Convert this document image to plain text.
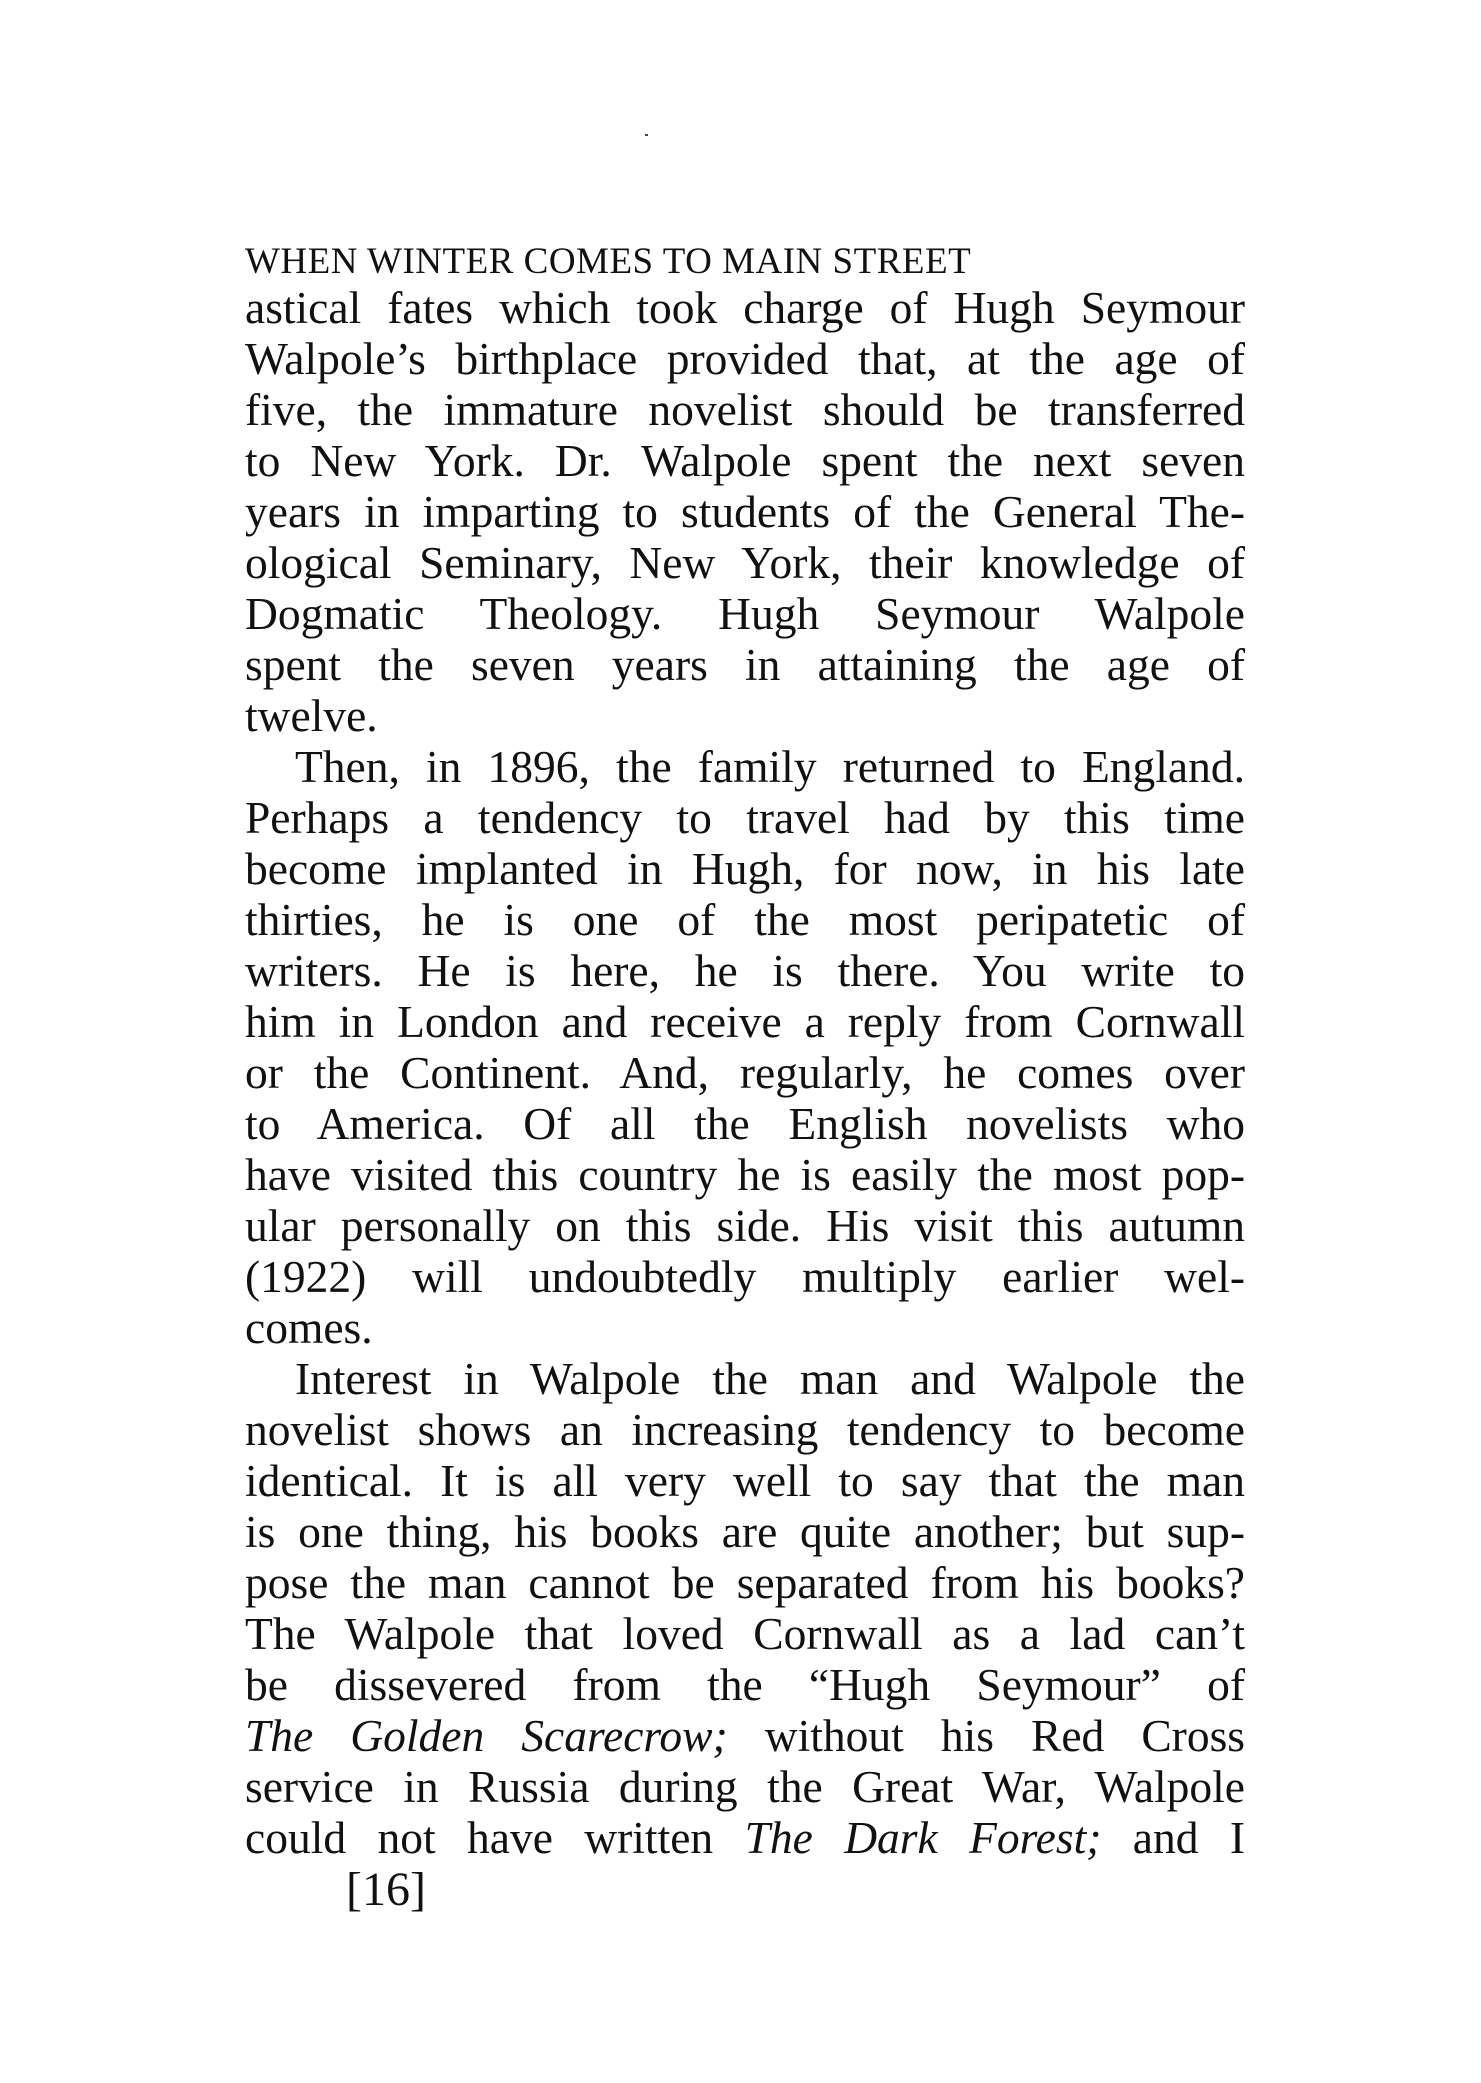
WHEN WINTER COMES TO MAIN STREET
astical fates which took charge of Hugh Seymour
Walpole’s birthplace provided that, at the age of
five, the immature novelist should be transferred
to New York. Dr. Walpole spent the next seven
years in imparting to students of the General The-
ological Seminary, New York, their knowledge of
Dogmatic Theology. Hugh Seymour Walpole
spent the seven years in attaining the age of
twelve.
Then, in 1896, the family returned to England.
Perhaps a tendency to travel had by this time
become implanted in Hugh, for now, in his late
thirties, he is one of the most peripatetic of
writers. He is here, he is there. You write to
him in London and receive a reply from Cornwall
or the Continent. And, regularly, he comes over
to America. Of all the English novelists who
have visited this country he is easily the most pop-
ular personally on this side. His visit this autumn
(1922) will undoubtedly multiply earlier wel-
comes.
Interest in Walpole the man and Walpole the
novelist shows an increasing tendency to become
identical. It is all very well to say that the man
is one thing, his books are quite another; but sup-
pose the man cannot be separated from his books?
The Walpole that loved Cornwall as a lad can’t
be dissevered from the “Hugh Seymour” of
The Golden Scarecrow; without his Red Cross
service in Russia during the Great War, Walpole
could not have written The Dark Forest; and I
[16]
